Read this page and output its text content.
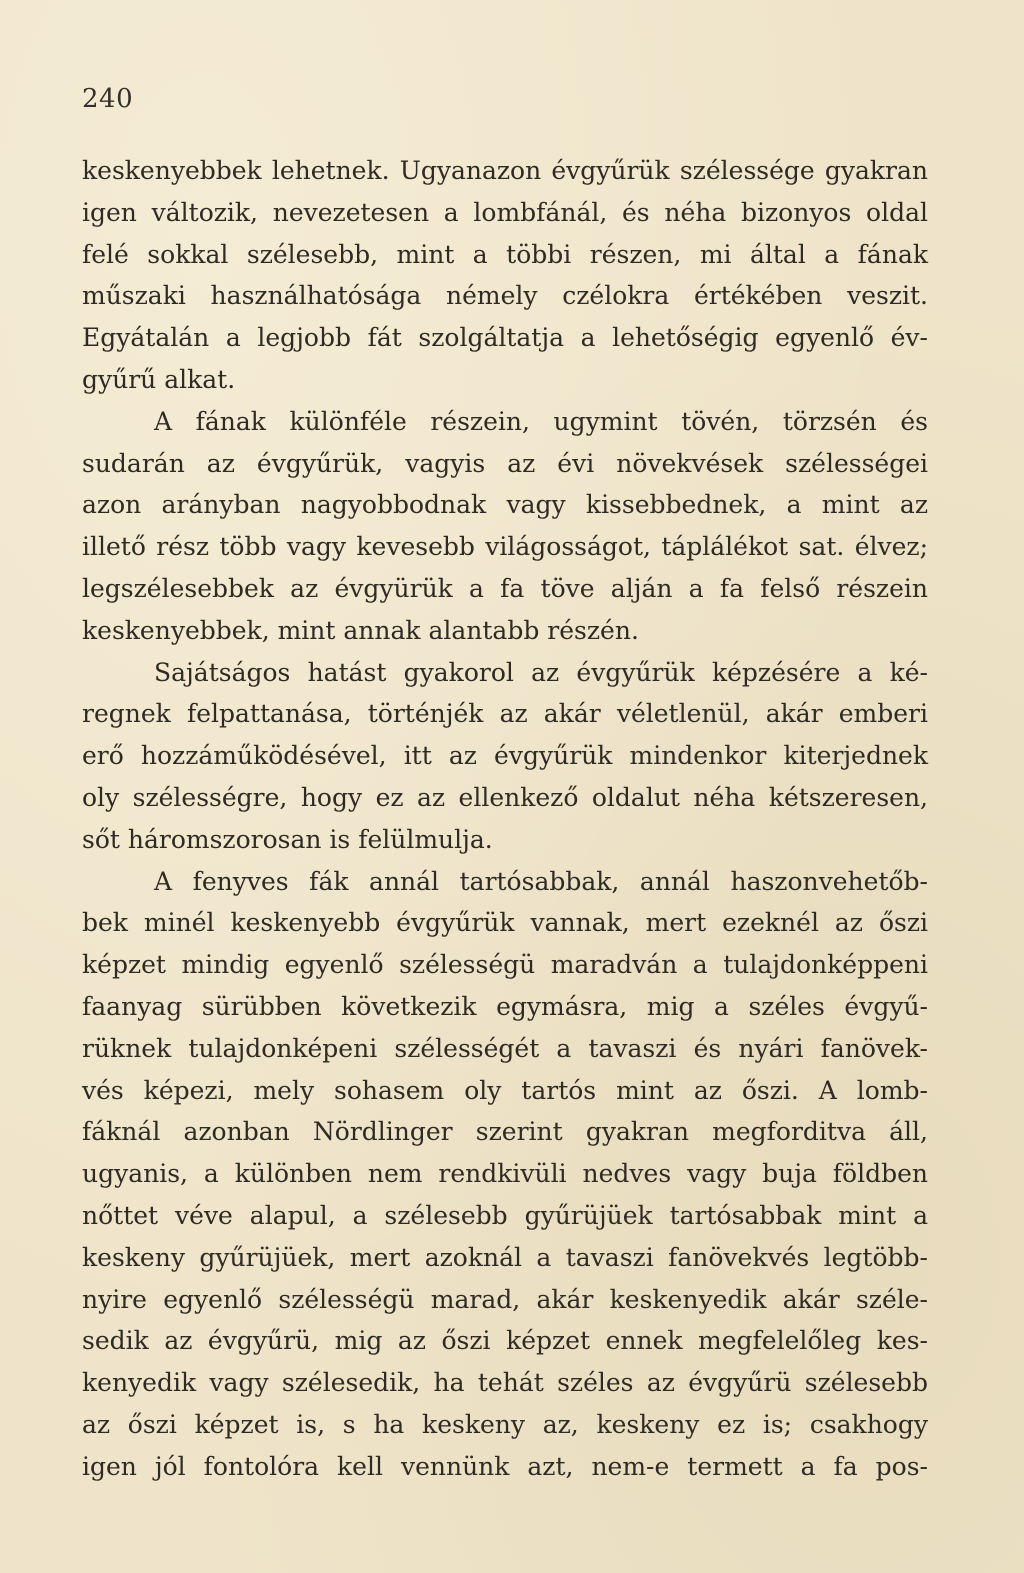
240
keskenyebbek lehetnek. Ugyanazon évgyűrük szélessége gyakran
igen változik, nevezetesen a lombfánál, és néha bizonyos oldal
felé sokkal szélesebb, mint a többi részen, mi által a fának
műszaki használhatósága némely czélokra értékében veszit.
Egyátalán a legjobb fát szolgáltatja a lehetőségig egyenlő év-
gyűrű alkat.
A fának különféle részein, ugymint tövén, törzsén és
sudarán az évgyűrük, vagyis az évi növekvések szélességei
azon arányban nagyobbodnak vagy kissebbednek, a mint az
illető rész több vagy kevesebb világosságot, táplálékot sat. élvez;
legszélesebbek az évgyürük a fa töve alján a fa felső részein
keskenyebbek, mint annak alantabb részén.
Sajátságos hatást gyakorol az évgyűrük képzésére a ké-
regnek felpattanása, történjék az akár véletlenül, akár emberi
erő hozzáműködésével, itt az évgyűrük mindenkor kiterjednek
oly szélességre, hogy ez az ellenkező oldalut néha kétszeresen,
sőt háromszorosan is felülmulja.
A fenyves fák annál tartósabbak, annál haszonvehetőb-
bek minél keskenyebb évgyűrük vannak, mert ezeknél az őszi
képzet mindig egyenlő szélességü maradván a tulajdonképpeni
faanyag sürübben következik egymásra, mig a széles évgyű-
rüknek tulajdonképeni szélességét a tavaszi és nyári fanövek-
vés képezi, mely sohasem oly tartós mint az őszi. A lomb-
fáknál azonban Nördlinger szerint gyakran megforditva áll,
ugyanis, a különben nem rendkivüli nedves vagy buja földben
nőttet véve alapul, a szélesebb gyűrüjüek tartósabbak mint a
keskeny gyűrüjüek, mert azoknál a tavaszi fanövekvés legtöbb-
nyire egyenlő szélességü marad, akár keskenyedik akár széle-
sedik az évgyűrü, mig az őszi képzet ennek megfelelőleg kes-
kenyedik vagy szélesedik, ha tehát széles az évgyűrü szélesebb
az őszi képzet is, s ha keskeny az, keskeny ez is; csakhogy
igen jól fontolóra kell vennünk azt, nem-e termett a fa pos-
